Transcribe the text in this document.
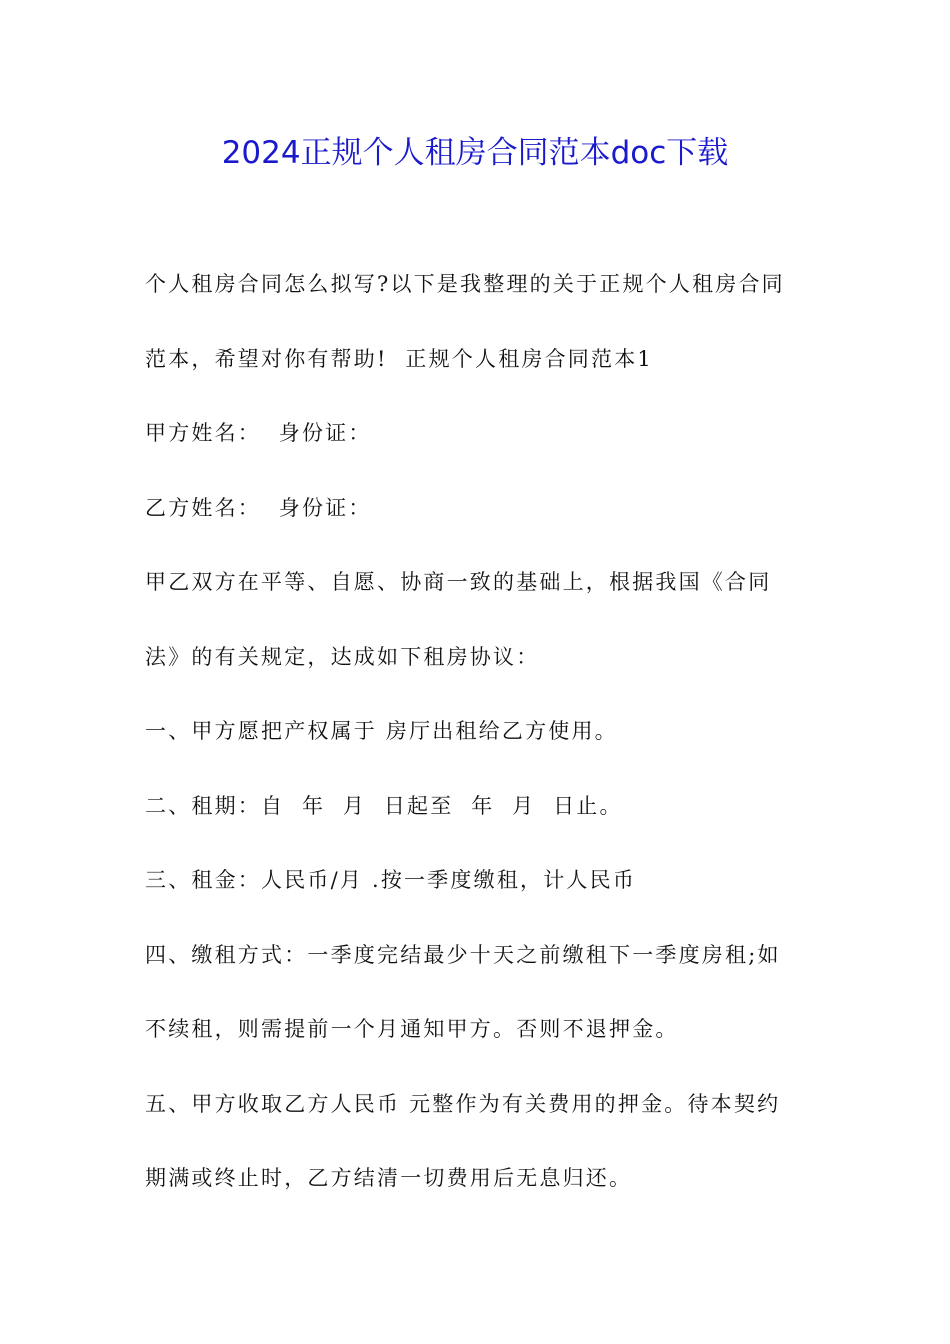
2024正规个人租房合同范本doc下载
个人租房合同怎么拟写?以下是我整理的关于正规个人租房合同
范本，希望对你有帮助!  正规个人租房合同范本1
甲方姓名：  身份证：
乙方姓名：  身份证：
甲乙双方在平等、自愿、协商一致的基础上，根据我国《合同
法》的有关规定，达成如下租房协议：
一、甲方愿把产权属于 房厅出租给乙方使用。
二、租期：自  年  月  日起至  年  月  日止。
三、租金：人民币/月 .按一季度缴租，计人民币
四、缴租方式：一季度完结最少十天之前缴租下一季度房租;如
不续租，则需提前一个月通知甲方。否则不退押金。
五、甲方收取乙方人民币 元整作为有关费用的押金。待本契约
期满或终止时，乙方结清一切费用后无息归还。
